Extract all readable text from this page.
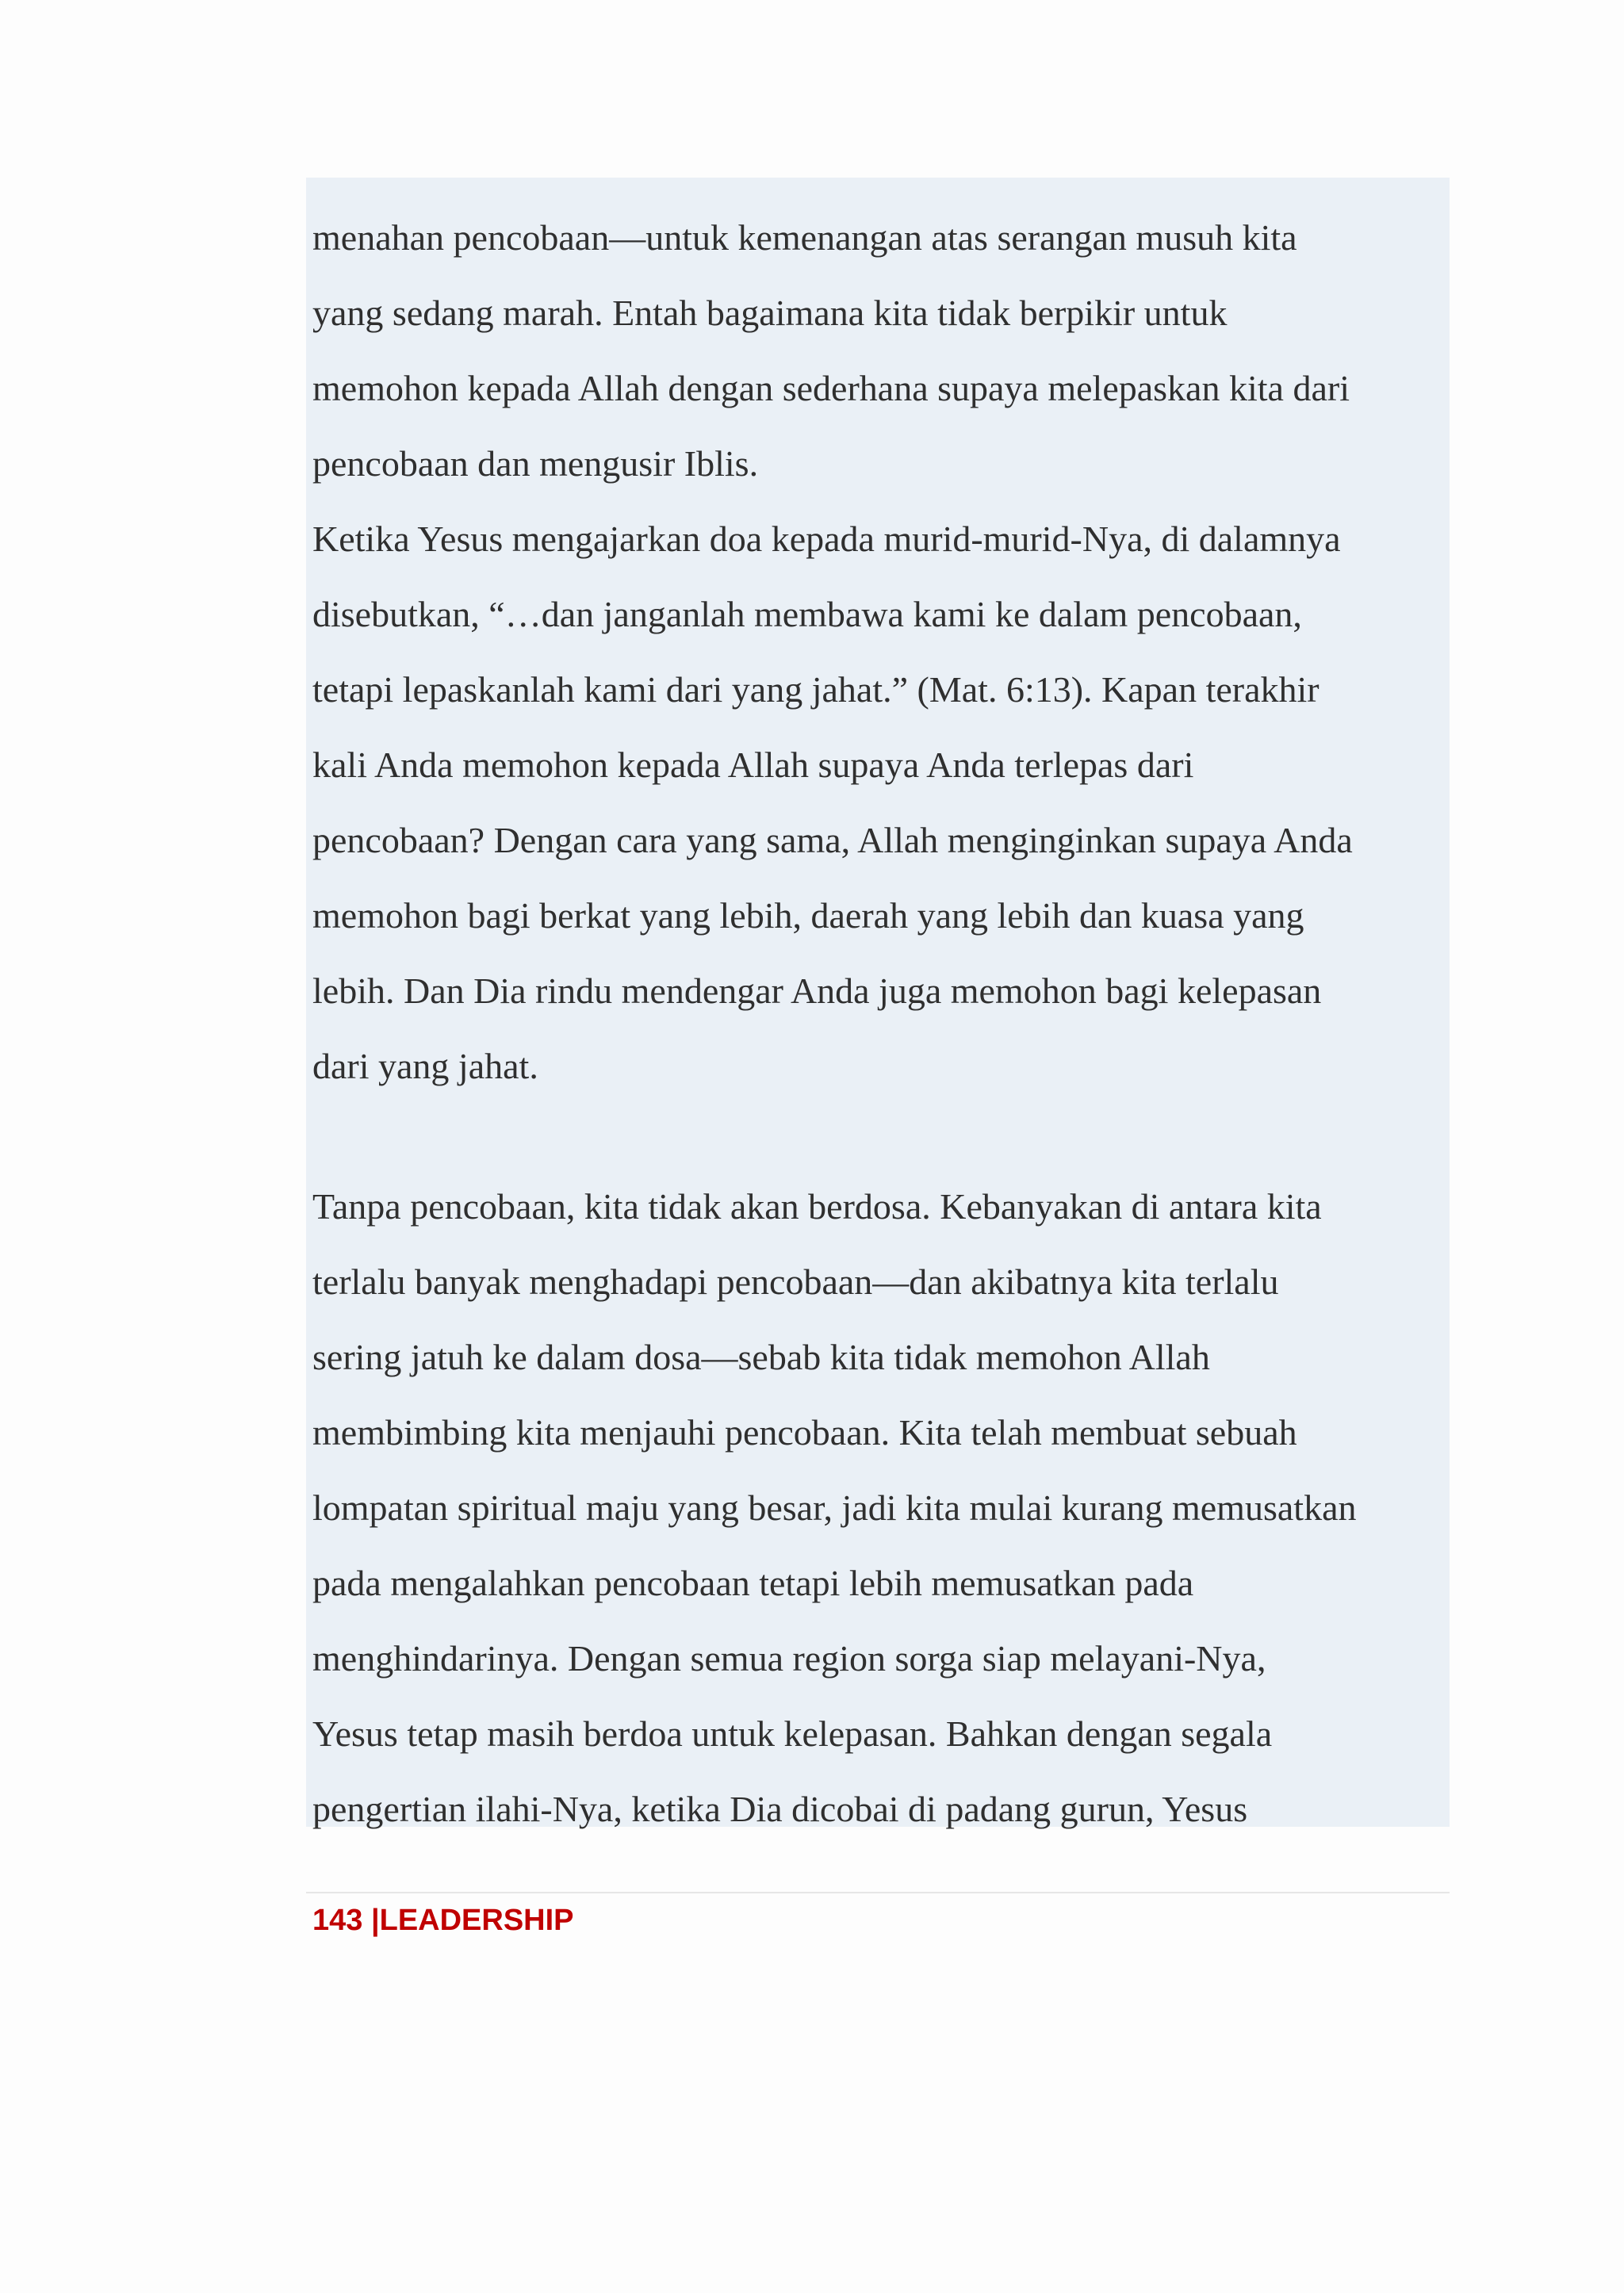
menahan pencobaan—untuk kemenangan atas serangan musuh kita
yang sedang marah. Entah bagaimana kita tidak berpikir untuk
memohon kepada Allah dengan sederhana supaya melepaskan kita dari
pencobaan dan mengusir Iblis.
Ketika Yesus mengajarkan doa kepada murid-murid-Nya, di dalamnya
disebutkan, “…dan janganlah membawa kami ke dalam pencobaan,
tetapi lepaskanlah kami dari yang jahat.” (Mat. 6:13). Kapan terakhir
kali Anda memohon kepada Allah supaya Anda terlepas dari
pencobaan? Dengan cara yang sama, Allah menginginkan supaya Anda
memohon bagi berkat yang lebih, daerah yang lebih dan kuasa yang
lebih. Dan Dia rindu mendengar Anda juga memohon bagi kelepasan
dari yang jahat.
Tanpa pencobaan, kita tidak akan berdosa. Kebanyakan di antara kita
terlalu banyak menghadapi pencobaan—dan akibatnya kita terlalu
sering jatuh ke dalam dosa—sebab kita tidak memohon Allah
membimbing kita menjauhi pencobaan. Kita telah membuat sebuah
lompatan spiritual maju yang besar, jadi kita mulai kurang memusatkan
pada mengalahkan pencobaan tetapi lebih memusatkan pada
menghindarinya. Dengan semua region sorga siap melayani-Nya,
Yesus tetap masih berdoa untuk kelepasan. Bahkan dengan segala
pengertian ilahi-Nya, ketika Dia dicobai di padang gurun, Yesus
143 |LEADERSHIP
